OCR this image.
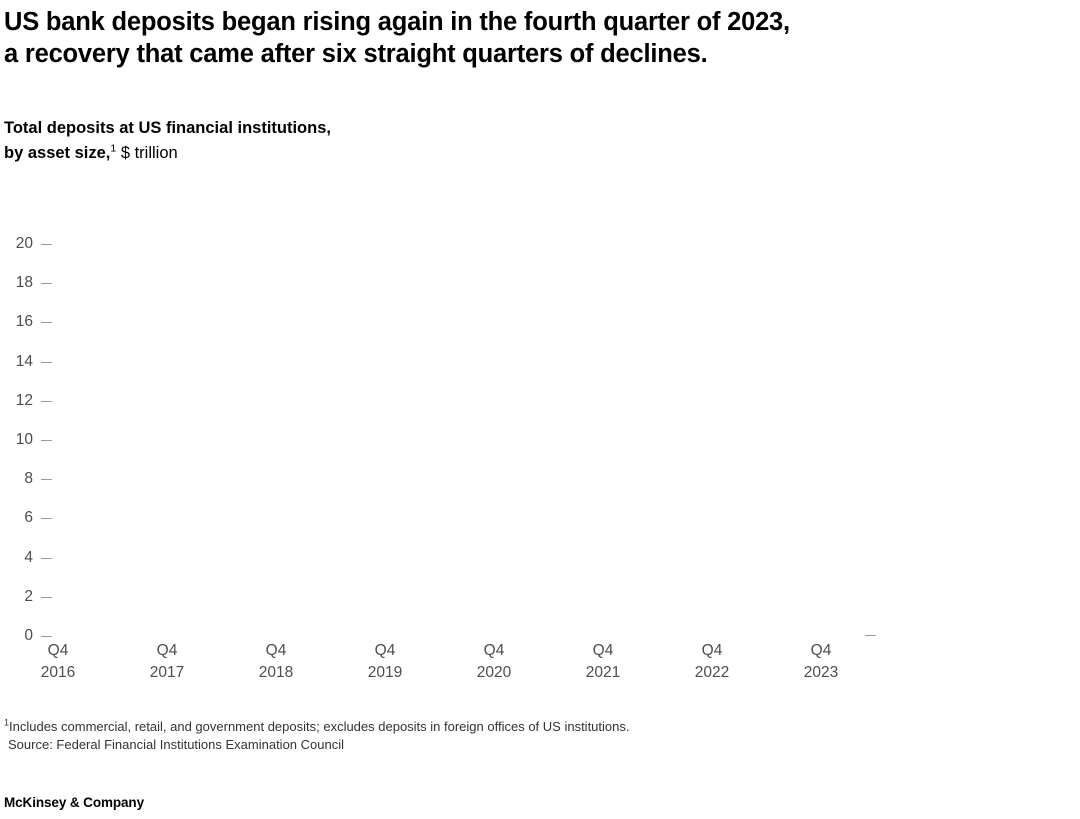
US bank deposits began rising again in the fourth quarter of 2023,
a recovery that came after six straight quarters of declines.
Total deposits at US financial institutions,
by asset size,$^1$ $ trillion
20
18
16
14
12
10
8
6
4
2
0
Q4
2016
Q4
2017
Q4
2018
Q4
2019
Q4
2020
Q4
2021
Q4
2022
Q4
2023
$^1$Includes commercial, retail, and government deposits; excludes deposits in foreign offices of US institutions.
Source: Federal Financial Institutions Examination Council
McKinsey & Company
